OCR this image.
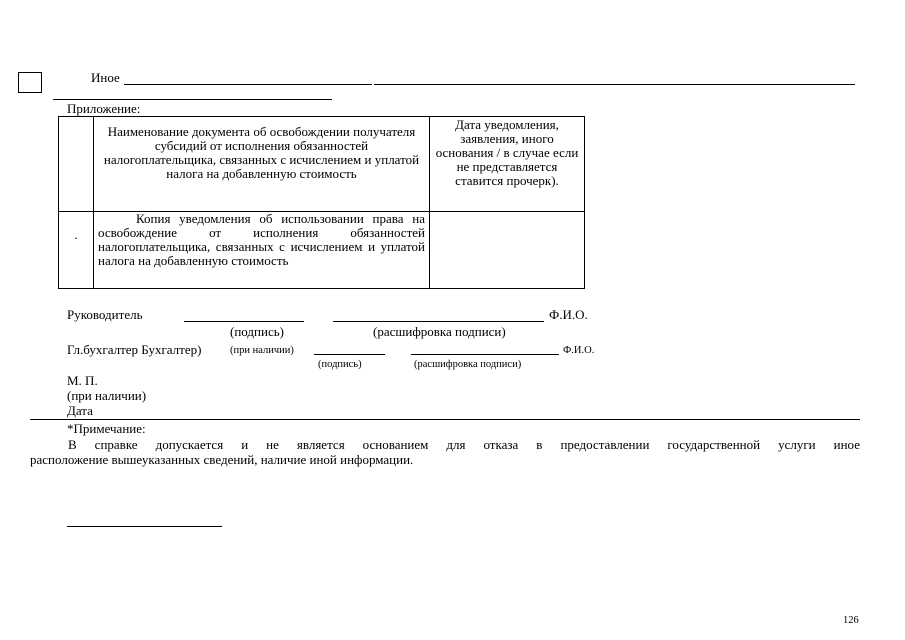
Иное
Приложение:

	Наименование документа об освобождении получателя субсидий от исполнения обязанностей налогоплательщика, связанных с исчислением и уплатой налога на добавленную стоимость	Дата уведомления, заявления, иного основания / в случае если не представляется ставится прочерк).

.	Копия уведомления об использовании права на освобождение от исполнения обязанностей налогоплательщика, связанных с исчислением и уплатой налога на добавленную стоимость	

Руководитель	Ф.И.О.
(подпись)	(расшифровка подписи)
Гл.бухгалтер Бухгалтер)	(при наличии)	Ф.И.О.
(подпись)	(расшифровка подписи)
М. П.
(при наличии)
Дата
*Примечание:
В справке допускается и не является основанием для отказа в предоставлении государственной услуги иное
расположение вышеуказанных сведений, наличие иной информации.
126
